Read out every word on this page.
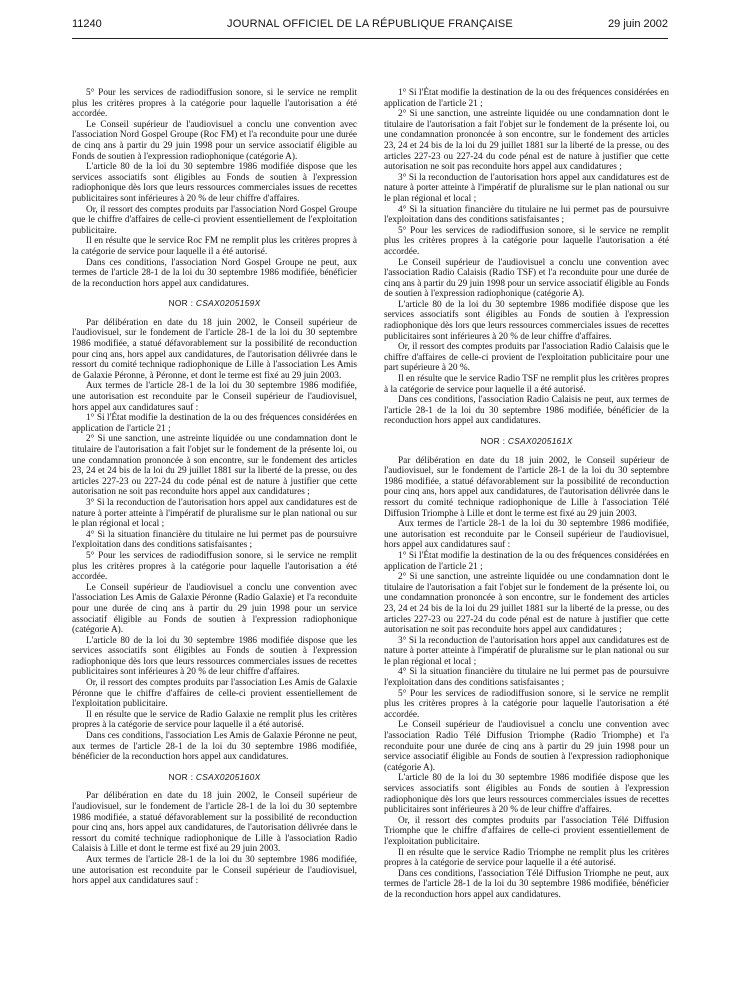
11240	JOURNAL OFFICIEL DE LA RÉPUBLIQUE FRANÇAISE	29 juin 2002

5° Pour les services de radiodiffusion sonore, si le service ne remplit plus les critères propres à la catégorie pour laquelle l'autorisation a été accordée.

Le Conseil supérieur de l'audiovisuel a conclu une convention avec l'association Nord Gospel Groupe (Roc FM) et l'a reconduite pour une durée de cinq ans à partir du 29 juin 1998 pour un service associatif éligible au Fonds de soutien à l'expression radiophonique (catégorie A).

L'article 80 de la loi du 30 septembre 1986 modifiée dispose que les services associatifs sont éligibles au Fonds de soutien à l'expression radiophonique dès lors que leurs ressources commerciales issues de recettes publicitaires sont inférieures à 20 % de leur chiffre d'affaires.

Or, il ressort des comptes produits par l'association Nord Gospel Groupe que le chiffre d'affaires de celle-ci provient essentiellement de l'exploitation publicitaire.

Il en résulte que le service Roc FM ne remplit plus les critères propres à la catégorie de service pour laquelle il a été autorisé.

Dans ces conditions, l'association Nord Gospel Groupe ne peut, aux termes de l'article 28-1 de la loi du 30 septembre 1986 modifiée, bénéficier de la reconduction hors appel aux candidatures.

NOR : CSAX0205159X

Par délibération en date du 18 juin 2002, le Conseil supérieur de l'audiovisuel, sur le fondement de l'article 28-1 de la loi du 30 septembre 1986 modifiée, a statué défavorablement sur la possibilité de reconduction pour cinq ans, hors appel aux candidatures, de l'autorisation délivrée dans le ressort du comité technique radiophonique de Lille à l'association Les Amis de Galaxie Péronne, à Péronne, et dont le terme est fixé au 29 juin 2003.

Aux termes de l'article 28-1 de la loi du 30 septembre 1986 modifiée, une autorisation est reconduite par le Conseil supérieur de l'audiovisuel, hors appel aux candidatures sauf :

1° Si l'État modifie la destination de la ou des fréquences considérées en application de l'article 21 ;

2° Si une sanction, une astreinte liquidée ou une condamnation dont le titulaire de l'autorisation a fait l'objet sur le fondement de la présente loi, ou une condamnation prononcée à son encontre, sur le fondement des articles 23, 24 et 24 bis de la loi du 29 juillet 1881 sur la liberté de la presse, ou des articles 227-23 ou 227-24 du code pénal est de nature à justifier que cette autorisation ne soit pas reconduite hors appel aux candidatures ;

3° Si la reconduction de l'autorisation hors appel aux candidatures est de nature à porter atteinte à l'impératif de pluralisme sur le plan national ou sur le plan régional et local ;

4° Si la situation financière du titulaire ne lui permet pas de poursuivre l'exploitation dans des conditions satisfaisantes ;

5° Pour les services de radiodiffusion sonore, si le service ne remplit plus les critères propres à la catégorie pour laquelle l'autorisation a été accordée.

Le Conseil supérieur de l'audiovisuel a conclu une convention avec l'association Les Amis de Galaxie Péronne (Radio Galaxie) et l'a reconduite pour une durée de cinq ans à partir du 29 juin 1998 pour un service associatif éligible au Fonds de soutien à l'expression radiophonique (catégorie A).

L'article 80 de la loi du 30 septembre 1986 modifiée dispose que les services associatifs sont éligibles au Fonds de soutien à l'expression radiophonique dès lors que leurs ressources commerciales issues de recettes publicitaires sont inférieures à 20 % de leur chiffre d'affaires.

Or, il ressort des comptes produits par l'association Les Amis de Galaxie Péronne que le chiffre d'affaires de celle-ci provient essentiellement de l'exploitation publicitaire.

Il en résulte que le service de Radio Galaxie ne remplit plus les critères propres à la catégorie de service pour laquelle il a été autorisé.

Dans ces conditions, l'association Les Amis de Galaxie Péronne ne peut, aux termes de l'article 28-1 de la loi du 30 septembre 1986 modifiée, bénéficier de la reconduction hors appel aux candidatures.

NOR : CSAX0205160X

Par délibération en date du 18 juin 2002, le Conseil supérieur de l'audiovisuel, sur le fondement de l'article 28-1 de la loi du 30 septembre 1986 modifiée, a statué défavorablement sur la possibilité de reconduction pour cinq ans, hors appel aux candidatures, de l'autorisation délivrée dans le ressort du comité technique radiophonique de Lille à l'association Radio Calaisis à Lille et dont le terme est fixé au 29 juin 2003.

Aux termes de l'article 28-1 de la loi du 30 septembre 1986 modifiée, une autorisation est reconduite par le Conseil supérieur de l'audiovisuel, hors appel aux candidatures sauf :

1° Si l'État modifie la destination de la ou des fréquences considérées en application de l'article 21 ;

2° Si une sanction, une astreinte liquidée ou une condamnation dont le titulaire de l'autorisation a fait l'objet sur le fondement de la présente loi, ou une condamnation prononcée à son encontre, sur le fondement des articles 23, 24 et 24 bis de la loi du 29 juillet 1881 sur la liberté de la presse, ou des articles 227-23 ou 227-24 du code pénal est de nature à justifier que cette autorisation ne soit pas reconduite hors appel aux candidatures ;

3° Si la reconduction de l'autorisation hors appel aux candidatures est de nature à porter atteinte à l'impératif de pluralisme sur le plan national ou sur le plan régional et local ;

4° Si la situation financière du titulaire ne lui permet pas de poursuivre l'exploitation dans des conditions satisfaisantes ;

5° Pour les services de radiodiffusion sonore, si le service ne remplit plus les critères propres à la catégorie pour laquelle l'autorisation a été accordée.

Le Conseil supérieur de l'audiovisuel a conclu une convention avec l'association Radio Calaisis (Radio TSF) et l'a reconduite pour une durée de cinq ans à partir du 29 juin 1998 pour un service associatif éligible au Fonds de soutien à l'expression radiophonique (catégorie A).

L'article 80 de la loi du 30 septembre 1986 modifiée dispose que les services associatifs sont éligibles au Fonds de soutien à l'expression radiophonique dès lors que leurs ressources commerciales issues de recettes publicitaires sont inférieures à 20 % de leur chiffre d'affaires.

Or, il ressort des comptes produits par l'association Radio Calaisis que le chiffre d'affaires de celle-ci provient de l'exploitation publicitaire pour une part supérieure à 20 %.

Il en résulte que le service Radio TSF ne remplit plus les critères propres à la catégorie de service pour laquelle il a été autorisé.

Dans ces conditions, l'association Radio Calaisis ne peut, aux termes de l'article 28-1 de la loi du 30 septembre 1986 modifiée, bénéficier de la reconduction hors appel aux candidatures.

NOR : CSAX0205161X

Par délibération en date du 18 juin 2002, le Conseil supérieur de l'audiovisuel, sur le fondement de l'article 28-1 de la loi du 30 septembre 1986 modifiée, a statué défavorablement sur la possibilité de reconduction pour cinq ans, hors appel aux candidatures, de l'autorisation délivrée dans le ressort du comité technique radiophonique de Lille à l'association Télé Diffusion Triomphe à Lille et dont le terme est fixé au 29 juin 2003.

Aux termes de l'article 28-1 de la loi du 30 septembre 1986 modifiée, une autorisation est reconduite par le Conseil supérieur de l'audiovisuel, hors appel aux candidatures sauf :

1° Si l'État modifie la destination de la ou des fréquences considérées en application de l'article 21 ;

2° Si une sanction, une astreinte liquidée ou une condamnation dont le titulaire de l'autorisation a fait l'objet sur le fondement de la présente loi, ou une condamnation prononcée à son encontre, sur le fondement des articles 23, 24 et 24 bis de la loi du 29 juillet 1881 sur la liberté de la presse, ou des articles 227-23 ou 227-24 du code pénal est de nature à justifier que cette autorisation ne soit pas reconduite hors appel aux candidatures ;

3° Si la reconduction de l'autorisation hors appel aux candidatures est de nature à porter atteinte à l'impératif de pluralisme sur le plan national ou sur le plan régional et local ;

4° Si la situation financière du titulaire ne lui permet pas de poursuivre l'exploitation dans des conditions satisfaisantes ;

5° Pour les services de radiodiffusion sonore, si le service ne remplit plus les critères propres à la catégorie pour laquelle l'autorisation a été accordée.

Le Conseil supérieur de l'audiovisuel a conclu une convention avec l'association Radio Télé Diffusion Triomphe (Radio Triomphe) et l'a reconduite pour une durée de cinq ans à partir du 29 juin 1998 pour un service associatif éligible au Fonds de soutien à l'expression radiophonique (catégorie A).

L'article 80 de la loi du 30 septembre 1986 modifiée dispose que les services associatifs sont éligibles au Fonds de soutien à l'expression radiophonique dès lors que leurs ressources commerciales issues de recettes publicitaires sont inférieures à 20 % de leur chiffre d'affaires.

Or, il ressort des comptes produits par l'association Télé Diffusion Triomphe que le chiffre d'affaires de celle-ci provient essentiellement de l'exploitation publicitaire.

Il en résulte que le service Radio Triomphe ne remplit plus les critères propres à la catégorie de service pour laquelle il a été autorisé.

Dans ces conditions, l'association Télé Diffusion Triomphe ne peut, aux termes de l'article 28-1 de la loi du 30 septembre 1986 modifiée, bénéficier de la reconduction hors appel aux candidatures.
